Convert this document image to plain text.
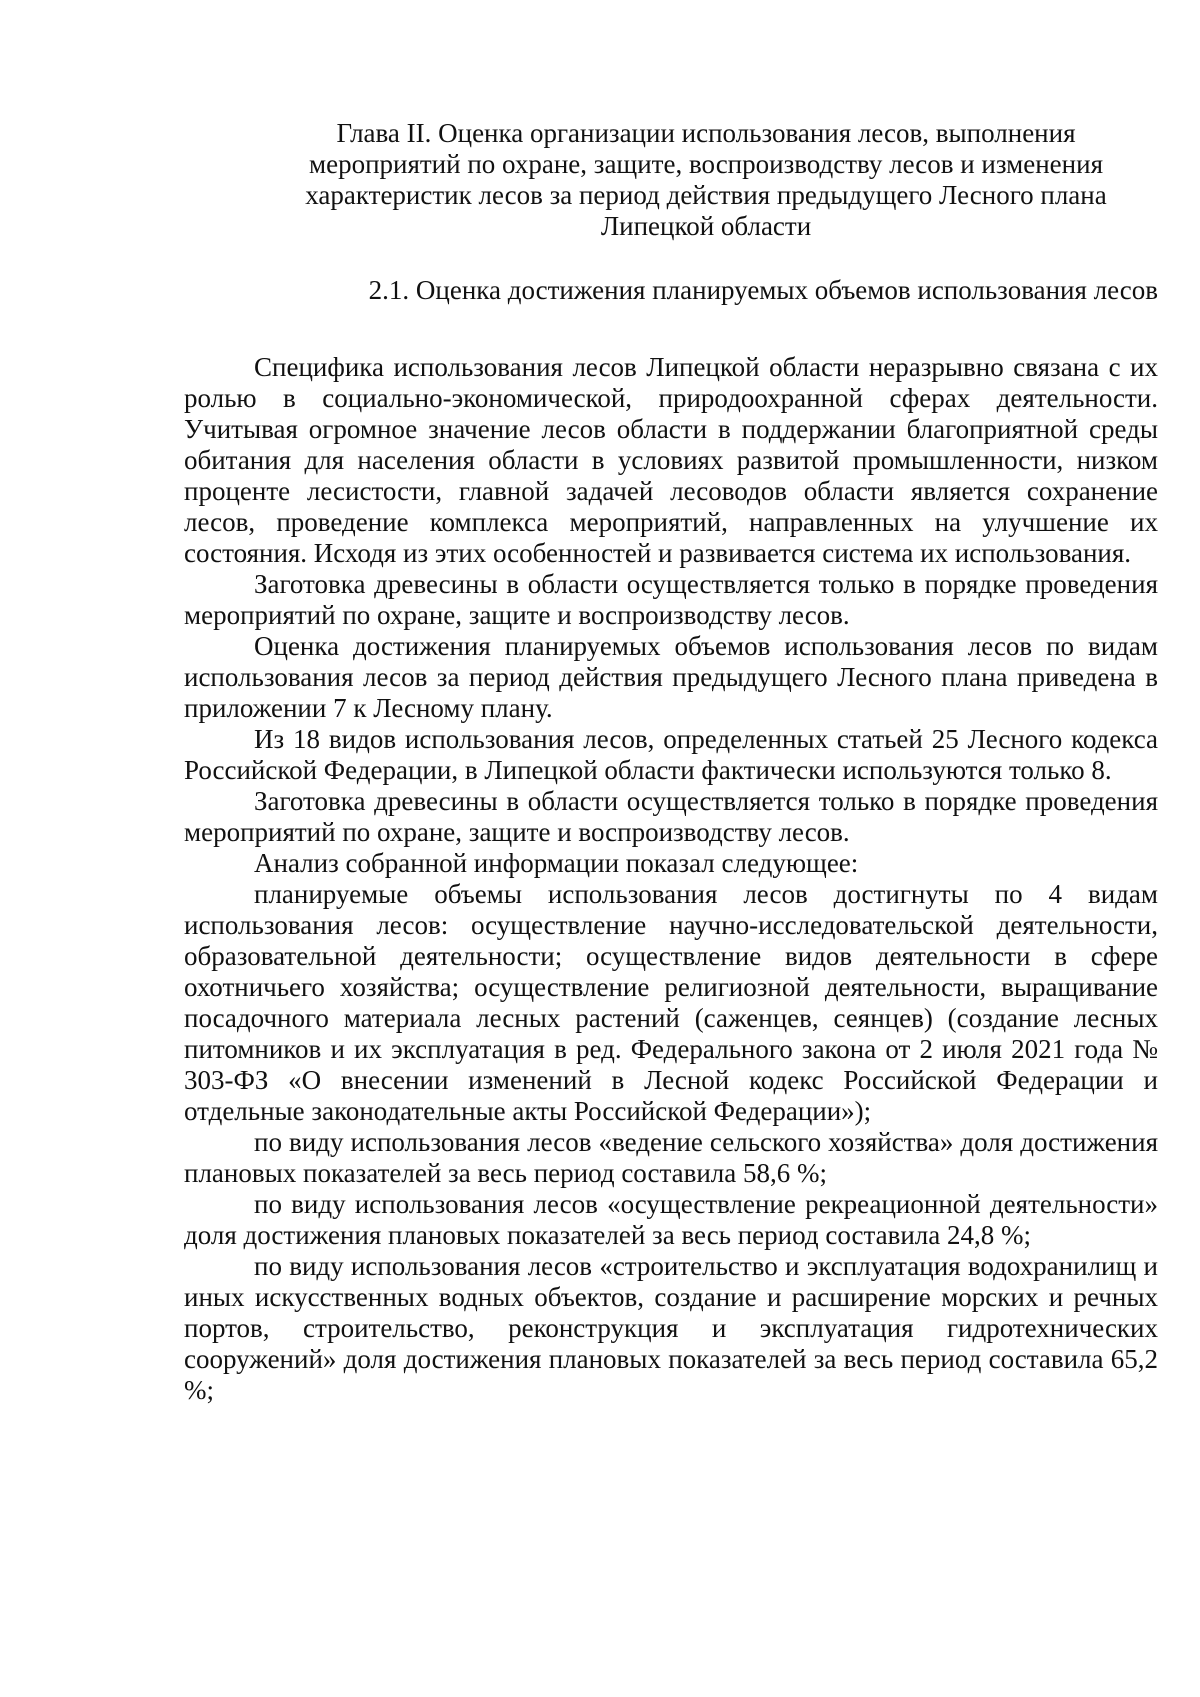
Глава II. Оценка организации использования лесов, выполнения
мероприятий по охране, защите, воспроизводству лесов и изменения
характеристик лесов за период действия предыдущего Лесного плана
Липецкой области
2.1. Оценка достижения планируемых объемов использования лесов

Специфика использования лесов Липецкой области неразрывно связана с их ролью в социально-экономической, природоохранной сферах деятельности. Учитывая огромное значение лесов области в поддержании благоприятной среды обитания для населения области в условиях развитой промышленности, низком проценте лесистости, главной задачей лесоводов области является сохранение лесов, проведение комплекса мероприятий, направленных на улучшение их состояния. Исходя из этих особенностей и развивается система их использования.

Заготовка древесины в области осуществляется только в порядке проведения мероприятий по охране, защите и воспроизводству лесов.

Оценка достижения планируемых объемов использования лесов по видам использования лесов за период действия предыдущего Лесного плана приведена в приложении 7 к Лесному плану.

Из 18 видов использования лесов, определенных статьей 25 Лесного кодекса Российской Федерации, в Липецкой области фактически используются только 8.

Заготовка древесины в области осуществляется только в порядке проведения мероприятий по охране, защите и воспроизводству лесов.

Анализ собранной информации показал следующее:

планируемые объемы использования лесов достигнуты по 4 видам использования лесов: осуществление научно-исследовательской деятельности, образовательной деятельности; осуществление видов деятельности в сфере охотничьего хозяйства; осуществление религиозной деятельности, выращивание посадочного материала лесных растений (саженцев, сеянцев) (создание лесных питомников и их эксплуатация в ред. Федерального закона от 2 июля 2021 года № 303-ФЗ «О внесении изменений в Лесной кодекс Российской Федерации и отдельные законодательные акты Российской Федерации»);

по виду использования лесов «ведение сельского хозяйства» доля достижения плановых показателей за весь период составила 58,6 %;

по виду использования лесов «осуществление рекреационной деятельности» доля достижения плановых показателей за весь период составила 24,8 %;

по виду использования лесов «строительство и эксплуатация водохранилищ и иных искусственных водных объектов, создание и расширение морских и речных портов, строительство, реконструкция и эксплуатация гидротехнических сооружений» доля достижения плановых показателей за весь период составила 65,2 %;
